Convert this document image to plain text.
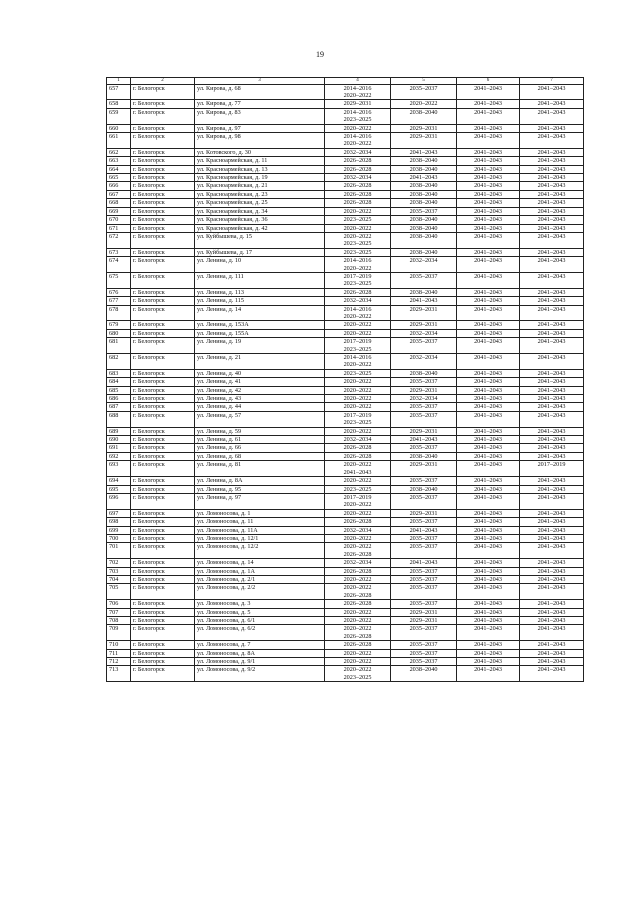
19
1	2	3	4	5	6	7
657	г. Белогорск	ул. Кирова, д. 68	2014–2016
2020–2022	2035–2037	2041–2043	2041–2043
658	г. Белогорск	ул. Кирова, д. 77	2029–2031	2020–2022	2041–2043	2041–2043
659	г. Белогорск	ул. Кирова, д. 83	2014–2016
2023–2025	2038–2040	2041–2043	2041–2043
660	г. Белогорск	ул. Кирова, д. 97	2020–2022	2029–2031	2041–2043	2041–2043
661	г. Белогорск	ул. Кирова, д. 98	2014–2016
2020–2022	2029–2031	2041–2043	2041–2043
662	г. Белогорск	ул. Котовского, д. 30	2032–2034	2041–2043	2041–2043	2041–2043
663	г. Белогорск	ул. Красноармейская, д. 11	2026–2028	2038–2040	2041–2043	2041–2043
664	г. Белогорск	ул. Красноармейская, д. 13	2026–2028	2038–2040	2041–2043	2041–2043
665	г. Белогорск	ул. Красноармейская, д. 19	2032–2034	2041–2043	2041–2043	2041–2043
666	г. Белогорск	ул. Красноармейская, д. 21	2026–2028	2038–2040	2041–2043	2041–2043
667	г. Белогорск	ул. Красноармейская, д. 23	2026–2028	2038–2040	2041–2043	2041–2043
668	г. Белогорск	ул. Красноармейская, д. 25	2026–2028	2038–2040	2041–2043	2041–2043
669	г. Белогорск	ул. Красноармейская, д. 34	2020–2022	2035–2037	2041–2043	2041–2043
670	г. Белогорск	ул. Красноармейская, д. 36	2023–2025	2038–2040	2041–2043	2041–2043
671	г. Белогорск	ул. Красноармейская, д. 42	2020–2022	2038–2040	2041–2043	2041–2043
672	г. Белогорск	ул. Куйбышева, д. 15	2020–2022
2023–2025	2038–2040	2041–2043	2041–2043
673	г. Белогорск	ул. Куйбышева, д. 17	2023–2025	2038–2040	2041–2043	2041–2043
674	г. Белогорск	ул. Ленина, д. 10	2014–2016
2020–2022	2032–2034	2041–2043	2041–2043
675	г. Белогорск	ул. Ленина, д. 111	2017–2019
2023–2025	2035–2037	2041–2043	2041–2043
676	г. Белогорск	ул. Ленина, д. 113	2026–2028	2038–2040	2041–2043	2041–2043
677	г. Белогорск	ул. Ленина, д. 115	2032–2034	2041–2043	2041–2043	2041–2043
678	г. Белогорск	ул. Ленина, д. 14	2014–2016
2020–2022	2029–2031	2041–2043	2041–2043
679	г. Белогорск	ул. Ленина, д. 153А	2020–2022	2029–2031	2041–2043	2041–2043
680	г. Белогорск	ул. Ленина, д. 155А	2020–2022	2032–2034	2041–2043	2041–2043
681	г. Белогорск	ул. Ленина, д. 19	2017–2019
2023–2025	2035–2037	2041–2043	2041–2043
682	г. Белогорск	ул. Ленина, д. 21	2014–2016
2020–2022	2032–2034	2041–2043	2041–2043
683	г. Белогорск	ул. Ленина, д. 40	2023–2025	2038–2040	2041–2043	2041–2043
684	г. Белогорск	ул. Ленина, д. 41	2020–2022	2035–2037	2041–2043	2041–2043
685	г. Белогорск	ул. Ленина, д. 42	2020–2022	2029–2031	2041–2043	2041–2043
686	г. Белогорск	ул. Ленина, д. 43	2020–2022	2032–2034	2041–2043	2041–2043
687	г. Белогорск	ул. Ленина, д. 44	2020–2022	2035–2037	2041–2043	2041–2043
688	г. Белогорск	ул. Ленина, д. 57	2017–2019
2023–2025	2035–2037	2041–2043	2041–2043
689	г. Белогорск	ул. Ленина, д. 59	2020–2022	2029–2031	2041–2043	2041–2043
690	г. Белогорск	ул. Ленина, д. 61	2032–2034	2041–2043	2041–2043	2041–2043
691	г. Белогорск	ул. Ленина, д. 66	2026–2028	2035–2037	2041–2043	2041–2043
692	г. Белогорск	ул. Ленина, д. 68	2026–2028	2038–2040	2041–2043	2041–2043
693	г. Белогорск	ул. Ленина, д. 81	2020–2022
2041–2043	2029–2031	2041–2043	2017–2019
694	г. Белогорск	ул. Ленина, д. 8А	2020–2022	2035–2037	2041–2043	2041–2043
695	г. Белогорск	ул. Ленина, д. 95	2023–2025	2038–2040	2041–2043	2041–2043
696	г. Белогорск	ул. Ленина, д. 97	2017–2019
2020–2022	2035–2037	2041–2043	2041–2043
697	г. Белогорск	ул. Ломоносова, д. 1	2020–2022	2029–2031	2041–2043	2041–2043
698	г. Белогорск	ул. Ломоносова, д. 11	2026–2028	2035–2037	2041–2043	2041–2043
699	г. Белогорск	ул. Ломоносова, д. 11А	2032–2034	2041–2043	2041–2043	2041–2043
700	г. Белогорск	ул. Ломоносова, д. 12/1	2020–2022	2035–2037	2041–2043	2041–2043
701	г. Белогорск	ул. Ломоносова, д. 12/2	2020–2022
2026–2028	2035–2037	2041–2043	2041–2043
702	г. Белогорск	ул. Ломоносова, д. 14	2032–2034	2041–2043	2041–2043	2041–2043
703	г. Белогорск	ул. Ломоносова, д. 1А	2026–2028	2035–2037	2041–2043	2041–2043
704	г. Белогорск	ул. Ломоносова, д. 2/1	2020–2022	2035–2037	2041–2043	2041–2043
705	г. Белогорск	ул. Ломоносова, д. 2/2	2020–2022
2026–2028	2035–2037	2041–2043	2041–2043
706	г. Белогорск	ул. Ломоносова, д. 3	2026–2028	2035–2037	2041–2043	2041–2043
707	г. Белогорск	ул. Ломоносова, д. 5	2020–2022	2029–2031	2041–2043	2041–2043
708	г. Белогорск	ул. Ломоносова, д. 6/1	2020–2022	2029–2031	2041–2043	2041–2043
709	г. Белогорск	ул. Ломоносова, д. 6/2	2020–2022
2026–2028	2035–2037	2041–2043	2041–2043
710	г. Белогорск	ул. Ломоносова, д. 7	2026–2028	2035–2037	2041–2043	2041–2043
711	г. Белогорск	ул. Ломоносова, д. 8А	2020–2022	2035–2037	2041–2043	2041–2043
712	г. Белогорск	ул. Ломоносова, д. 9/1	2020–2022	2035–2037	2041–2043	2041–2043
713	г. Белогорск	ул. Ломоносова, д. 9/2	2020–2022
2023–2025	2038–2040	2041–2043	2041–2043
